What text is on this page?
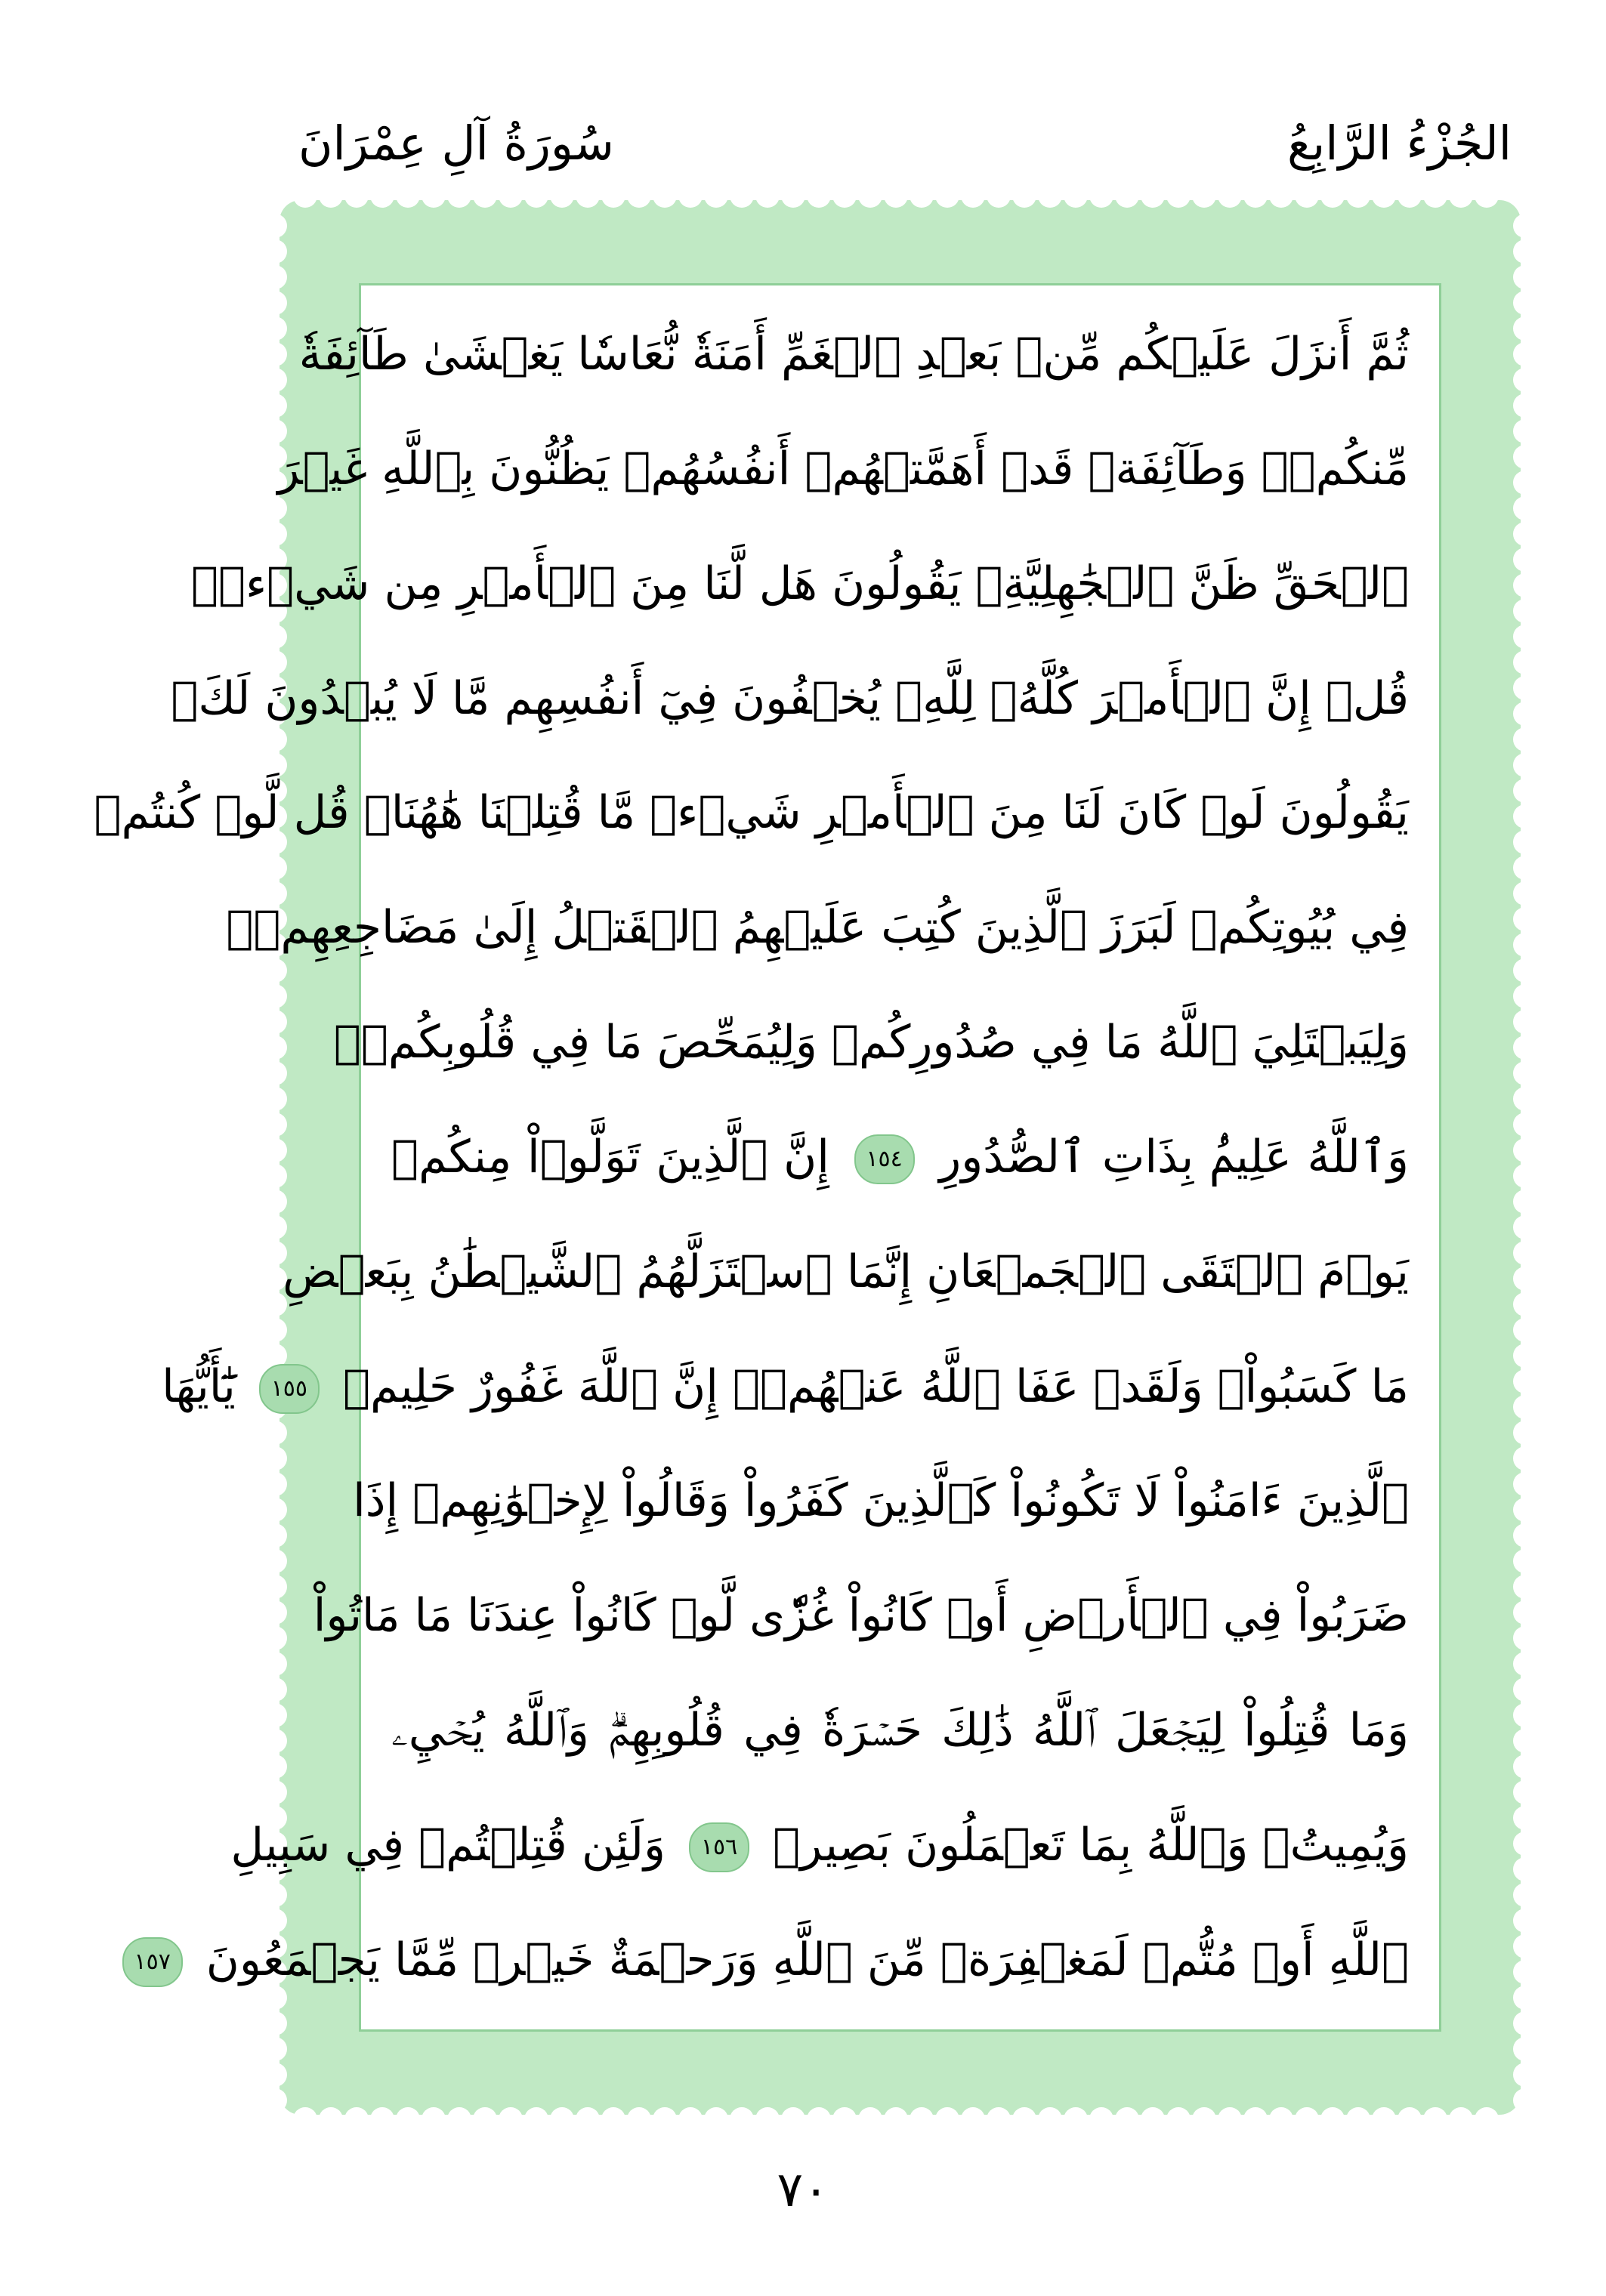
الجُزْءُ الرَّابِعُ
سُورَةُ آلِ عِمْرَانَ
ثُمَّ أَنزَلَ عَلَيۡكُم مِّنۢ بَعۡدِ ٱلۡغَمِّ أَمَنَةٗ نُّعَاسٗا يَغۡشَىٰ طَآئِفَةٗ
مِّنكُمۡۖ وَطَآئِفَةٞ قَدۡ أَهَمَّتۡهُمۡ أَنفُسُهُمۡ يَظُنُّونَ بِٱللَّهِ غَيۡرَ
ٱلۡحَقِّ ظَنَّ ٱلۡجَٰهِلِيَّةِۖ يَقُولُونَ هَل لَّنَا مِنَ ٱلۡأَمۡرِ مِن شَيۡءٖۗ
قُلۡ إِنَّ ٱلۡأَمۡرَ كُلَّهُۥ لِلَّهِۗ يُخۡفُونَ فِيٓ أَنفُسِهِم مَّا لَا يُبۡدُونَ لَكَۖ
يَقُولُونَ لَوۡ كَانَ لَنَا مِنَ ٱلۡأَمۡرِ شَيۡءٞ مَّا قُتِلۡنَا هَٰهُنَاۗ قُل لَّوۡ كُنتُمۡ
فِي بُيُوتِكُمۡ لَبَرَزَ ٱلَّذِينَ كُتِبَ عَلَيۡهِمُ ٱلۡقَتۡلُ إِلَىٰ مَضَاجِعِهِمۡۖ
وَلِيَبۡتَلِيَ ٱللَّهُ مَا فِي صُدُورِكُمۡ وَلِيُمَحِّصَ مَا فِي قُلُوبِكُمۡۚ
وَٱللَّهُ عَلِيمُۢ بِذَاتِ ٱلصُّدُورِ ١٥٤ إِنَّ ٱلَّذِينَ تَوَلَّوۡاْ مِنكُمۡ
يَوۡمَ ٱلۡتَقَى ٱلۡجَمۡعَانِ إِنَّمَا ٱسۡتَزَلَّهُمُ ٱلشَّيۡطَٰنُ بِبَعۡضِ
مَا كَسَبُواْۖ وَلَقَدۡ عَفَا ٱللَّهُ عَنۡهُمۡۗ إِنَّ ٱللَّهَ غَفُورٌ حَلِيمٞ ١٥٥ يَٰٓأَيُّهَا
ٱلَّذِينَ ءَامَنُواْ لَا تَكُونُواْ كَٱلَّذِينَ كَفَرُواْ وَقَالُواْ لِإِخۡوَٰنِهِمۡ إِذَا
ضَرَبُواْ فِي ٱلۡأَرۡضِ أَوۡ كَانُواْ غُزّٗى لَّوۡ كَانُواْ عِندَنَا مَا مَاتُواْ
وَمَا قُتِلُواْ لِيَجۡعَلَ ٱللَّهُ ذَٰلِكَ حَسۡرَةٗ فِي قُلُوبِهِمۡۗ وَٱللَّهُ يُحۡيِۦ
وَيُمِيتُۗ وَٱللَّهُ بِمَا تَعۡمَلُونَ بَصِيرٞ ١٥٦ وَلَئِن قُتِلۡتُمۡ فِي سَبِيلِ
ٱللَّهِ أَوۡ مُتُّمۡ لَمَغۡفِرَةٞ مِّنَ ٱللَّهِ وَرَحۡمَةٌ خَيۡرٞ مِّمَّا يَجۡمَعُونَ ١٥٧
٧٠
